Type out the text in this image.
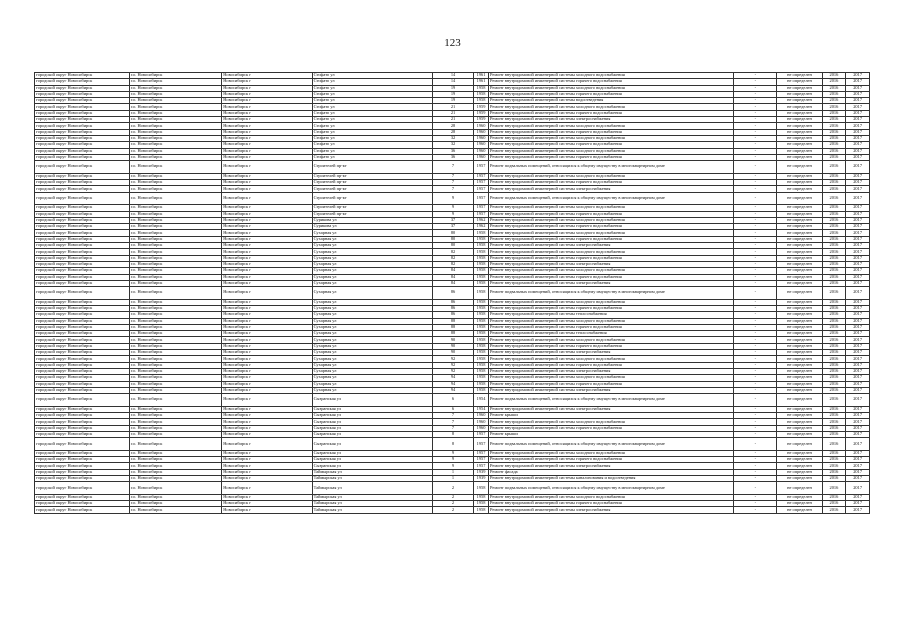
123
городской округ Новосибирск	г.о. Новосибирск	Новосибирск г	Стофато ул	14	1961	Ремонт внутридомовой инженерной системы холодного водоснабжения	-	не определен	2016	2017
городской округ Новосибирск	г.о. Новосибирск	Новосибирск г	Стофато ул	14	1961	Ремонт внутридомовой инженерной системы горячего водоснабжения	-	не определен	2016	2017
городской округ Новосибирск	г.о. Новосибирск	Новосибирск г	Стофато ул	19	1958	Ремонт внутридомовой инженерной системы холодного водоснабжения	-	не определен	2016	2017
городской округ Новосибирск	г.о. Новосибирск	Новосибирск г	Стофато ул	19	1958	Ремонт внутридомовой инженерной системы горячего водоснабжения	-	не определен	2016	2017
городской округ Новосибирск	г.о. Новосибирск	Новосибирск г	Стофато ул	19	1958	Ремонт внутридомовой инженерной системы водоотведения	-	не определен	2016	2017
городской округ Новосибирск	г.о. Новосибирск	Новосибирск г	Стофато ул	21	1959	Ремонт внутридомовой инженерной системы холодного водоснабжения	-	не определен	2016	2017
городской округ Новосибирск	г.о. Новосибирск	Новосибирск г	Стофато ул	21	1959	Ремонт внутридомовой инженерной системы горячего водоснабжения	-	не определен	2016	2017
городской округ Новосибирск	г.о. Новосибирск	Новосибирск г	Стофато ул	21	1959	Ремонт внутридомовой инженерной системы электроснабжения	-	не определен	2016	2017
городской округ Новосибирск	г.о. Новосибирск	Новосибирск г	Стофато ул	28	1960	Ремонт внутридомовой инженерной системы холодного водоснабжения	-	не определен	2016	2017
городской округ Новосибирск	г.о. Новосибирск	Новосибирск г	Стофато ул	28	1960	Ремонт внутридомовой инженерной системы горячего водоснабжения	-	не определен	2016	2017
городской округ Новосибирск	г.о. Новосибирск	Новосибирск г	Стофато ул	32	1960	Ремонт внутридомовой инженерной системы холодного водоснабжения	-	не определен	2016	2017
городской округ Новосибирск	г.о. Новосибирск	Новосибирск г	Стофато ул	32	1960	Ремонт внутридомовой инженерной системы горячего водоснабжения	-	не определен	2016	2017
городской округ Новосибирск	г.о. Новосибирск	Новосибирск г	Стофато ул	36	1960	Ремонт внутридомовой инженерной системы холодного водоснабжения	-	не определен	2016	2017
городской округ Новосибирск	г.о. Новосибирск	Новосибирск г	Стофато ул	36	1960	Ремонт внутридомовой инженерной системы горячего водоснабжения	-	не определен	2016	2017
городской округ Новосибирск	г.о. Новосибирск	Новосибирск г	Строителей пр-кт	7	1957	Ремонт подвальных помещений, относящихся к общему имуществу в многоквартирном доме	-	не определен	2016	2017
городской округ Новосибирск	г.о. Новосибирск	Новосибирск г	Строителей пр-кт	7	1957	Ремонт внутридомовой инженерной системы холодного водоснабжения	-	не определен	2016	2017
городской округ Новосибирск	г.о. Новосибирск	Новосибирск г	Строителей пр-кт	7	1957	Ремонт внутридомовой инженерной системы горячего водоснабжения	-	не определен	2016	2017
городской округ Новосибирск	г.о. Новосибирск	Новосибирск г	Строителей пр-кт	7	1957	Ремонт внутридомовой инженерной системы электроснабжения	-	не определен	2016	2017
городской округ Новосибирск	г.о. Новосибирск	Новосибирск г	Строителей пр-кт	9	1957	Ремонт подвальных помещений, относящихся к общему имуществу в многоквартирном доме	-	не определен	2016	2017
городской округ Новосибирск	г.о. Новосибирск	Новосибирск г	Строителей пр-кт	9	1957	Ремонт внутридомовой инженерной системы холодного водоснабжения	-	не определен	2016	2017
городской округ Новосибирск	г.о. Новосибирск	Новосибирск г	Строителей пр-кт	9	1957	Ремонт внутридомовой инженерной системы горячего водоснабжения	-	не определен	2016	2017
городской округ Новосибирск	г.о. Новосибирск	Новосибирск г	Сурикова ул	37	1962	Ремонт внутридомовой инженерной системы холодного водоснабжения	-	не определен	2016	2017
городской округ Новосибирск	г.о. Новосибирск	Новосибирск г	Сурикова ул	37	1962	Ремонт внутридомовой инженерной системы горячего водоснабжения	-	не определен	2016	2017
городской округ Новосибирск	г.о. Новосибирск	Новосибирск г	Сухарная ул	80	1958	Ремонт внутридомовой инженерной системы холодного водоснабжения	-	не определен	2016	2017
городской округ Новосибирск	г.о. Новосибирск	Новосибирск г	Сухарная ул	80	1958	Ремонт внутридомовой инженерной системы горячего водоснабжения	-	не определен	2016	2017
городской округ Новосибирск	г.о. Новосибирск	Новосибирск г	Сухарная ул	80	1958	Ремонт внутридомовой инженерной системы электроснабжения	-	не определен	2016	2017
городской округ Новосибирск	г.о. Новосибирск	Новосибирск г	Сухарная ул	82	1958	Ремонт внутридомовой инженерной системы холодного водоснабжения	-	не определен	2016	2017
городской округ Новосибирск	г.о. Новосибирск	Новосибирск г	Сухарная ул	82	1958	Ремонт внутридомовой инженерной системы горячего водоснабжения	-	не определен	2016	2017
городской округ Новосибирск	г.о. Новосибирск	Новосибирск г	Сухарная ул	82	1958	Ремонт внутридомовой инженерной системы электроснабжения	-	не определен	2016	2017
городской округ Новосибирск	г.о. Новосибирск	Новосибирск г	Сухарная ул	84	1958	Ремонт внутридомовой инженерной системы холодного водоснабжения	-	не определен	2016	2017
городской округ Новосибирск	г.о. Новосибирск	Новосибирск г	Сухарная ул	84	1958	Ремонт внутридомовой инженерной системы горячего водоснабжения	-	не определен	2016	2017
городской округ Новосибирск	г.о. Новосибирск	Новосибирск г	Сухарная ул	84	1958	Ремонт внутридомовой инженерной системы электроснабжения	-	не определен	2016	2017
городской округ Новосибирск	г.о. Новосибирск	Новосибирск г	Сухарная ул	86	1958	Ремонт подвальных помещений, относящихся к общему имуществу в многоквартирном доме	-	не определен	2016	2017
городской округ Новосибирск	г.о. Новосибирск	Новосибирск г	Сухарная ул	86	1958	Ремонт внутридомовой инженерной системы холодного водоснабжения	-	не определен	2016	2017
городской округ Новосибирск	г.о. Новосибирск	Новосибирск г	Сухарная ул	86	1958	Ремонт внутридомовой инженерной системы горячего водоснабжения	-	не определен	2016	2017
городской округ Новосибирск	г.о. Новосибирск	Новосибирск г	Сухарная ул	86	1958	Ремонт внутридомовой инженерной системы теплоснабжения	-	не определен	2016	2017
городской округ Новосибирск	г.о. Новосибирск	Новосибирск г	Сухарная ул	88	1958	Ремонт внутридомовой инженерной системы холодного водоснабжения	-	не определен	2016	2017
городской округ Новосибирск	г.о. Новосибирск	Новосибирск г	Сухарная ул	88	1958	Ремонт внутридомовой инженерной системы горячего водоснабжения	-	не определен	2016	2017
городской округ Новосибирск	г.о. Новосибирск	Новосибирск г	Сухарная ул	88	1958	Ремонт внутридомовой инженерной системы теплоснабжения	-	не определен	2016	2017
городской округ Новосибирск	г.о. Новосибирск	Новосибирск г	Сухарная ул	90	1958	Ремонт внутридомовой инженерной системы холодного водоснабжения	-	не определен	2016	2017
городской округ Новосибирск	г.о. Новосибирск	Новосибирск г	Сухарная ул	90	1958	Ремонт внутридомовой инженерной системы горячего водоснабжения	-	не определен	2016	2017
городской округ Новосибирск	г.о. Новосибирск	Новосибирск г	Сухарная ул	90	1958	Ремонт внутридомовой инженерной системы электроснабжения	-	не определен	2016	2017
городской округ Новосибирск	г.о. Новосибирск	Новосибирск г	Сухарная ул	92	1958	Ремонт внутридомовой инженерной системы холодного водоснабжения	-	не определен	2016	2017
городской округ Новосибирск	г.о. Новосибирск	Новосибирск г	Сухарная ул	92	1958	Ремонт внутридомовой инженерной системы горячего водоснабжения	-	не определен	2016	2017
городской округ Новосибирск	г.о. Новосибирск	Новосибирск г	Сухарная ул	92	1958	Ремонт внутридомовой инженерной системы электроснабжения	-	не определен	2016	2017
городской округ Новосибирск	г.о. Новосибирск	Новосибирск г	Сухарная ул	94	1958	Ремонт внутридомовой инженерной системы холодного водоснабжения	-	не определен	2016	2017
городской округ Новосибирск	г.о. Новосибирск	Новосибирск г	Сухарная ул	94	1958	Ремонт внутридомовой инженерной системы горячего водоснабжения	-	не определен	2016	2017
городской округ Новосибирск	г.о. Новосибирск	Новосибирск г	Сухарная ул	94	1958	Ремонт внутридомовой инженерной системы электроснабжения	-	не определен	2016	2017
городской округ Новосибирск	г.о. Новосибирск	Новосибирск г	Сызранская ул	6	1954	Ремонт подвальных помещений, относящихся к общему имуществу в многоквартирном доме	-	не определен	2016	2017
городской округ Новосибирск	г.о. Новосибирск	Новосибирск г	Сызранская ул	6	1954	Ремонт внутридомовой инженерной системы электроснабжения	-	не определен	2016	2017
городской округ Новосибирск	г.о. Новосибирск	Новосибирск г	Сызранская ул	7	1960	Ремонт крыши	-	не определен	2016	2017
городской округ Новосибирск	г.о. Новосибирск	Новосибирск г	Сызранская ул	7	1960	Ремонт внутридомовой инженерной системы холодного водоснабжения	-	не определен	2016	2017
городской округ Новосибирск	г.о. Новосибирск	Новосибирск г	Сызранская ул	7	1960	Ремонт внутридомовой инженерной системы горячего водоснабжения	-	не определен	2016	2017
городской округ Новосибирск	г.о. Новосибирск	Новосибирск г	Сызранская ул	8	1957	Ремонт крыши	-	не определен	2016	2017
городской округ Новосибирск	г.о. Новосибирск	Новосибирск г	Сызранская ул	8	1957	Ремонт подвальных помещений, относящихся к общему имуществу в многоквартирном доме	-	не определен	2016	2017
городской округ Новосибирск	г.о. Новосибирск	Новосибирск г	Сызранская ул	9	1957	Ремонт внутридомовой инженерной системы холодного водоснабжения	-	не определен	2016	2017
городской округ Новосибирск	г.о. Новосибирск	Новосибирск г	Сызранская ул	9	1957	Ремонт внутридомовой инженерной системы горячего водоснабжения	-	не определен	2016	2017
городской округ Новосибирск	г.о. Новосибирск	Новосибирск г	Сызранская ул	9	1957	Ремонт внутридомовой инженерной системы электроснабжения	-	не определен	2016	2017
городской округ Новосибирск	г.о. Новосибирск	Новосибирск г	Таймырская ул	1	1939	Ремонт фасада	-	не определен	2016	2017
городской округ Новосибирск	г.о. Новосибирск	Новосибирск г	Таймырская ул	1	1939	Ремонт внутридомовой инженерной системы канализования и водоотведения	-	не определен	2016	2017
городской округ Новосибирск	г.о. Новосибирск	Новосибирск г	Таймырская ул	2	1958	Ремонт подвальных помещений, относящихся к общему имуществу в многоквартирном доме	-	не определен	2016	2017
городской округ Новосибирск	г.о. Новосибирск	Новосибирск г	Таймырская ул	2	1958	Ремонт внутридомовой инженерной системы холодного водоснабжения	-	не определен	2016	2017
городской округ Новосибирск	г.о. Новосибирск	Новосибирск г	Таймырская ул	2	1958	Ремонт внутридомовой инженерной системы горячего водоснабжения	-	не определен	2016	2017
городской округ Новосибирск	г.о. Новосибирск	Новосибирск г	Таймырская ул	2	1958	Ремонт внутридомовой инженерной системы электроснабжения	-	не определен	2016	2017
